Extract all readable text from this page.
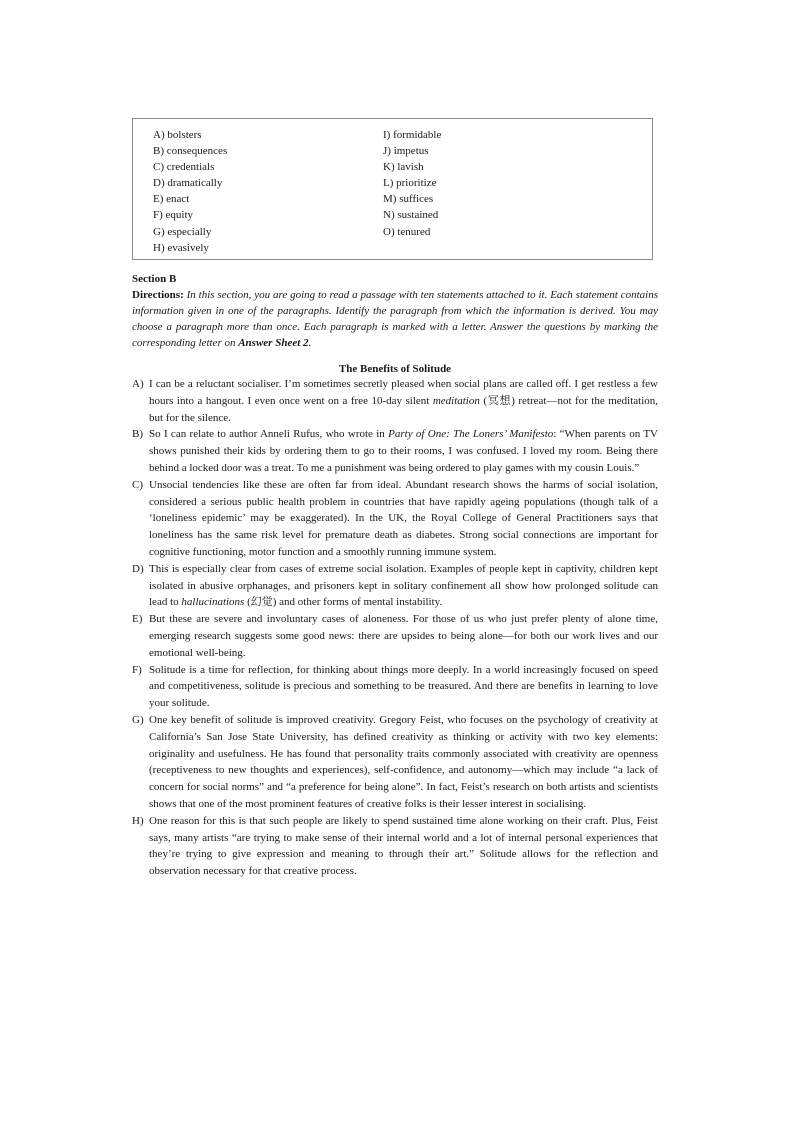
A) bolsters
B) consequences
C) credentials
D) dramatically
E) enact
F) equity
G) especially
H) evasively
I) formidable
J) impetus
K) lavish
L) prioritize
M) suffices
N) sustained
O) tenured
Section B
Directions: In this section, you are going to read a passage with ten statements attached to it. Each statement contains information given in one of the paragraphs. Identify the paragraph from which the information is derived. You may choose a paragraph more than once. Each paragraph is marked with a letter. Answer the questions by marking the corresponding letter on Answer Sheet 2.
The Benefits of Solitude
A) I can be a reluctant socialiser. I’m sometimes secretly pleased when social plans are called off. I get restless a few hours into a hangout. I even once went on a free 10-day silent meditation (冥想) retreat—not for the meditation, but for the silence.
B) So I can relate to author Anneli Rufus, who wrote in Party of One: The Loners’ Manifesto: “When parents on TV shows punished their kids by ordering them to go to their rooms, I was confused. I loved my room. Being there behind a locked door was a treat. To me a punishment was being ordered to play games with my cousin Louis.”
C) Unsocial tendencies like these are often far from ideal. Abundant research shows the harms of social isolation, considered a serious public health problem in countries that have rapidly ageing populations (though talk of a ‘loneliness epidemic’ may be exaggerated). In the UK, the Royal College of General Practitioners says that loneliness has the same risk level for premature death as diabetes. Strong social connections are important for cognitive functioning, motor function and a smoothly running immune system.
D) This is especially clear from cases of extreme social isolation. Examples of people kept in captivity, children kept isolated in abusive orphanages, and prisoners kept in solitary confinement all show how prolonged solitude can lead to hallucinations (幻觉) and other forms of mental instability.
E) But these are severe and involuntary cases of aloneness. For those of us who just prefer plenty of alone time, emerging research suggests some good news: there are upsides to being alone—for both our work lives and our emotional well-being.
F) Solitude is a time for reflection, for thinking about things more deeply. In a world increasingly focused on speed and competitiveness, solitude is precious and something to be treasured. And there are benefits in learning to love your solitude.
G) One key benefit of solitude is improved creativity. Gregory Feist, who focuses on the psychology of creativity at California’s San Jose State University, has defined creativity as thinking or activity with two key elements: originality and usefulness. He has found that personality traits commonly associated with creativity are openness (receptiveness to new thoughts and experiences), self-confidence, and autonomy—which may include “a lack of concern for social norms” and “a preference for being alone”. In fact, Feist’s research on both artists and scientists shows that one of the most prominent features of creative folks is their lesser interest in socialising.
H) One reason for this is that such people are likely to spend sustained time alone working on their craft. Plus, Feist says, many artists “are trying to make sense of their internal world and a lot of internal personal experiences that they’re trying to give expression and meaning to through their art.” Solitude allows for the reflection and observation necessary for that creative process.
